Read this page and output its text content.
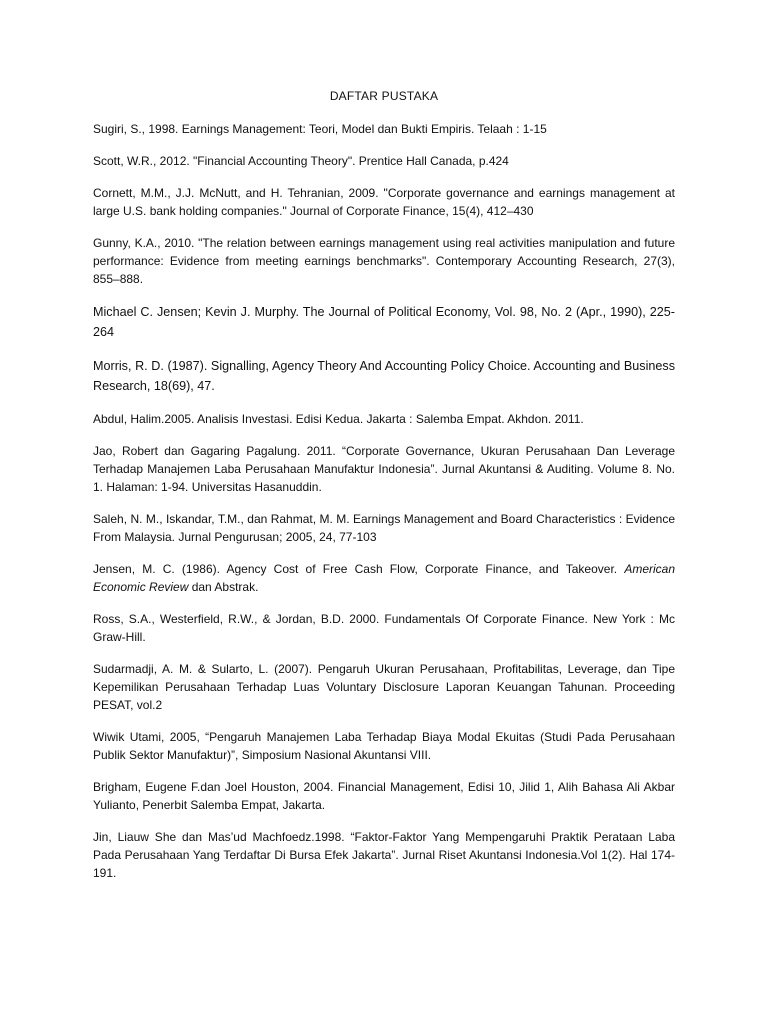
DAFTAR PUSTAKA

Sugiri, S., 1998. Earnings Management: Teori, Model dan Bukti Empiris. Telaah : 1-15

Scott, W.R., 2012. "Financial Accounting Theory". Prentice Hall Canada, p.424

Cornett, M.M., J.J. McNutt, and H. Tehranian, 2009. "Corporate governance and earnings management at large U.S. bank holding companies." Journal of Corporate Finance, 15(4), 412–430

Gunny, K.A., 2010. "The relation between earnings management using real activities manipulation and future performance: Evidence from meeting earnings benchmarks". Contemporary Accounting Research, 27(3), 855–888.

Michael C. Jensen; Kevin J. Murphy. The Journal of Political Economy, Vol. 98, No. 2 (Apr., 1990), 225-264

Morris, R. D. (1987). Signalling, Agency Theory And Accounting Policy Choice. Accounting and Business Research, 18(69), 47.

Abdul, Halim.2005. Analisis Investasi. Edisi Kedua. Jakarta : Salemba Empat. Akhdon. 2011.

Jao, Robert dan Gagaring Pagalung. 2011. “Corporate Governance, Ukuran Perusahaan Dan Leverage Terhadap Manajemen Laba Perusahaan Manufaktur Indonesia”. Jurnal Akuntansi & Auditing. Volume 8. No. 1. Halaman: 1-94. Universitas Hasanuddin.

Saleh, N. M., Iskandar, T.M., dan Rahmat, M. M. Earnings Management and Board Characteristics : Evidence From Malaysia. Jurnal Pengurusan; 2005, 24, 77-103

Jensen, M. C. (1986). Agency Cost of Free Cash Flow, Corporate Finance, and Takeover. American Economic Review dan Abstrak.

Ross, S.A., Westerfield, R.W., & Jordan, B.D. 2000. Fundamentals Of Corporate Finance. New York : Mc Graw-Hill.

Sudarmadji, A. M. & Sularto, L. (2007). Pengaruh Ukuran Perusahaan, Profitabilitas, Leverage, dan Tipe Kepemilikan Perusahaan Terhadap Luas Voluntary Disclosure Laporan Keuangan Tahunan. Proceeding PESAT, vol.2

Wiwik Utami, 2005, “Pengaruh Manajemen Laba Terhadap Biaya Modal Ekuitas (Studi Pada Perusahaan Publik Sektor Manufaktur)”, Simposium Nasional Akuntansi VIII.

Brigham, Eugene F.dan Joel Houston, 2004. Financial Management, Edisi 10, Jilid 1, Alih Bahasa Ali Akbar Yulianto, Penerbit Salemba Empat, Jakarta.

Jin, Liauw She dan Mas’ud Machfoedz.1998. “Faktor-Faktor Yang Mempengaruhi Praktik Perataan Laba Pada Perusahaan Yang Terdaftar Di Bursa Efek Jakarta”. Jurnal Riset Akuntansi Indonesia.Vol 1(2). Hal 174-191.
